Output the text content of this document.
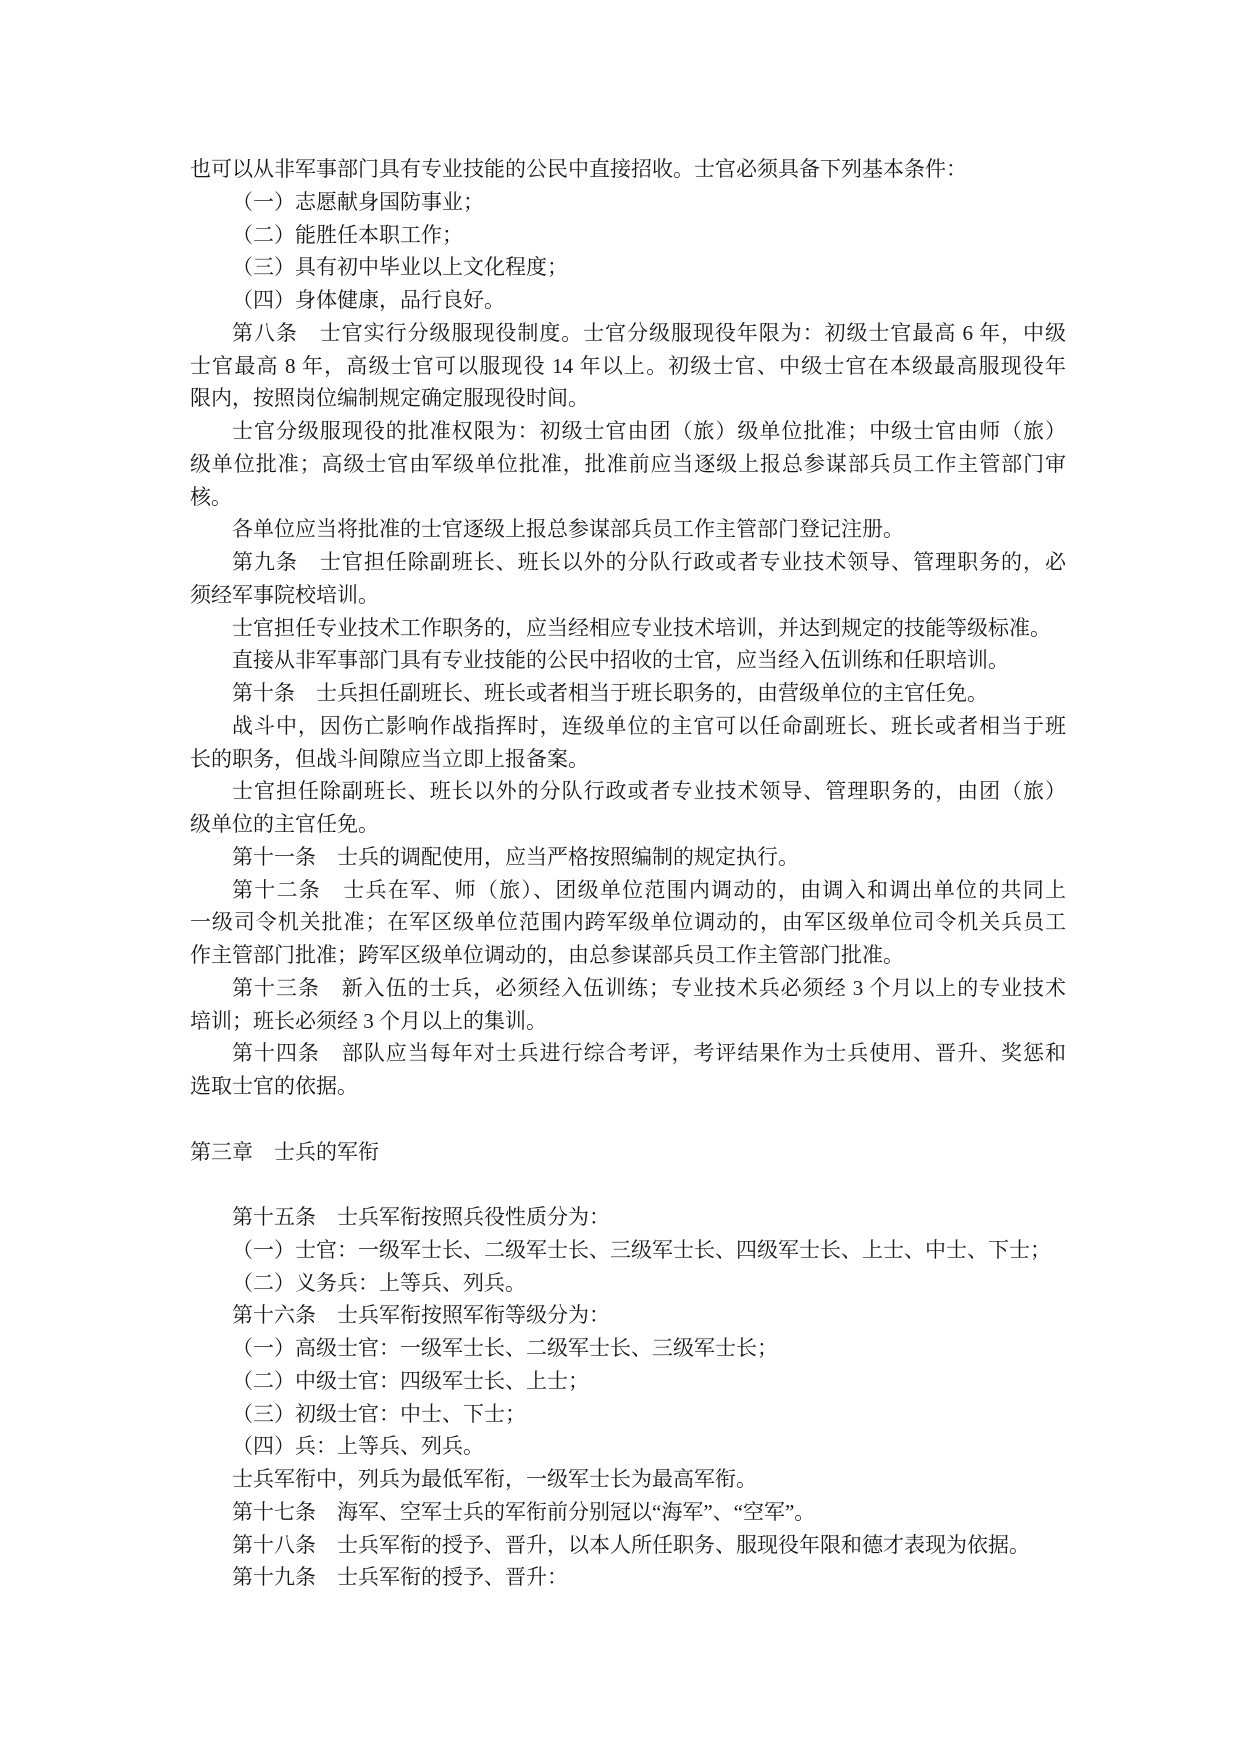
也可以从非军事部门具有专业技能的公民中直接招收。士官必须具备下列基本条件：
（一）志愿献身国防事业；
（二）能胜任本职工作；
（三）具有初中毕业以上文化程度；
（四）身体健康，品行良好。
第八条　士官实行分级服现役制度。士官分级服现役年限为：初级士官最高 6 年，中级
士官最高 8 年，高级士官可以服现役 14 年以上。初级士官、中级士官在本级最高服现役年
限内，按照岗位编制规定确定服现役时间。
士官分级服现役的批准权限为：初级士官由团（旅）级单位批准；中级士官由师（旅）
级单位批准；高级士官由军级单位批准，批准前应当逐级上报总参谋部兵员工作主管部门审
核。
各单位应当将批准的士官逐级上报总参谋部兵员工作主管部门登记注册。
第九条　士官担任除副班长、班长以外的分队行政或者专业技术领导、管理职务的，必
须经军事院校培训。
士官担任专业技术工作职务的，应当经相应专业技术培训，并达到规定的技能等级标准。
直接从非军事部门具有专业技能的公民中招收的士官，应当经入伍训练和任职培训。
第十条　士兵担任副班长、班长或者相当于班长职务的，由营级单位的主官任免。
战斗中，因伤亡影响作战指挥时，连级单位的主官可以任命副班长、班长或者相当于班
长的职务，但战斗间隙应当立即上报备案。
士官担任除副班长、班长以外的分队行政或者专业技术领导、管理职务的，由团（旅）
级单位的主官任免。
第十一条　士兵的调配使用，应当严格按照编制的规定执行。
第十二条　士兵在军、师（旅）、团级单位范围内调动的，由调入和调出单位的共同上
一级司令机关批准；在军区级单位范围内跨军级单位调动的，由军区级单位司令机关兵员工
作主管部门批准；跨军区级单位调动的，由总参谋部兵员工作主管部门批准。
第十三条　新入伍的士兵，必须经入伍训练；专业技术兵必须经 3 个月以上的专业技术
培训；班长必须经 3 个月以上的集训。
第十四条　部队应当每年对士兵进行综合考评，考评结果作为士兵使用、晋升、奖惩和
选取士官的依据。
第三章　士兵的军衔
第十五条　士兵军衔按照兵役性质分为：
（一）士官：一级军士长、二级军士长、三级军士长、四级军士长、上士、中士、下士；
（二）义务兵：上等兵、列兵。
第十六条　士兵军衔按照军衔等级分为：
（一）高级士官：一级军士长、二级军士长、三级军士长；
（二）中级士官：四级军士长、上士；
（三）初级士官：中士、下士；
（四）兵：上等兵、列兵。
士兵军衔中，列兵为最低军衔，一级军士长为最高军衔。
第十七条　海军、空军士兵的军衔前分别冠以“海军”、“空军”。
第十八条　士兵军衔的授予、晋升，以本人所任职务、服现役年限和德才表现为依据。
第十九条　士兵军衔的授予、晋升：
